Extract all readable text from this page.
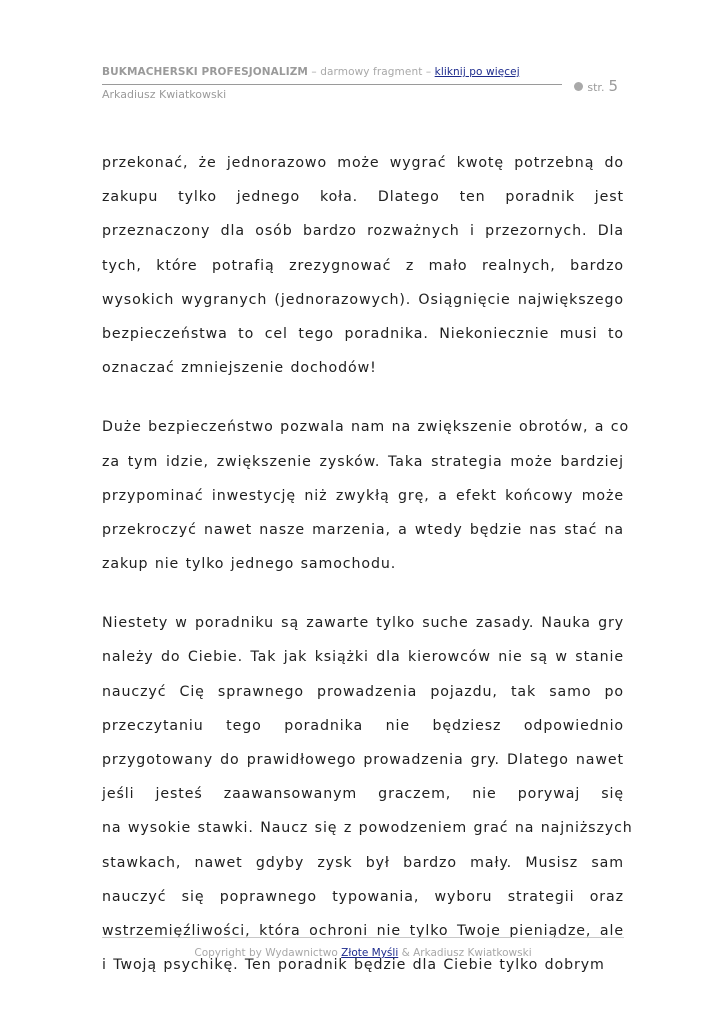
BUKMACHERSKI PROFESJONALIZM – darmowy fragment – kliknij po więcej
Arkadiusz Kwiatkowski
str. 5
przekonać, że jednorazowo może wygrać kwotę potrzebną do
zakupu tylko jednego koła. Dlatego ten poradnik jest
przeznaczony dla osób bardzo rozważnych i przezornych. Dla
tych, które potrafią zrezygnować z mało realnych, bardzo
wysokich wygranych (jednorazowych). Osiągnięcie największego
bezpieczeństwa to cel tego poradnika. Niekoniecznie musi to
oznaczać zmniejszenie dochodów!
Duże bezpieczeństwo pozwala nam na zwiększenie obrotów, a co
za tym idzie, zwiększenie zysków. Taka strategia może bardziej
przypominać inwestycję niż zwykłą grę, a efekt końcowy może
przekroczyć nawet nasze marzenia, a wtedy będzie nas stać na
zakup nie tylko jednego samochodu.
Niestety w poradniku są zawarte tylko suche zasady. Nauka gry
należy do Ciebie. Tak jak książki dla kierowców nie są w stanie
nauczyć Cię sprawnego prowadzenia pojazdu, tak samo po
przeczytaniu tego poradnika nie będziesz odpowiednio
przygotowany do prawidłowego prowadzenia gry. Dlatego nawet
jeśli jesteś zaawansowanym graczem, nie porywaj się
na wysokie stawki. Naucz się z powodzeniem grać na najniższych
stawkach, nawet gdyby zysk był bardzo mały. Musisz sam
nauczyć się poprawnego typowania, wyboru strategii oraz
wstrzemięźliwości, która ochroni nie tylko Twoje pieniądze, ale
i Twoją psychikę. Ten poradnik będzie dla Ciebie tylko dobrym
Copyright by Wydawnictwo Złote Myśli & Arkadiusz Kwiatkowski
